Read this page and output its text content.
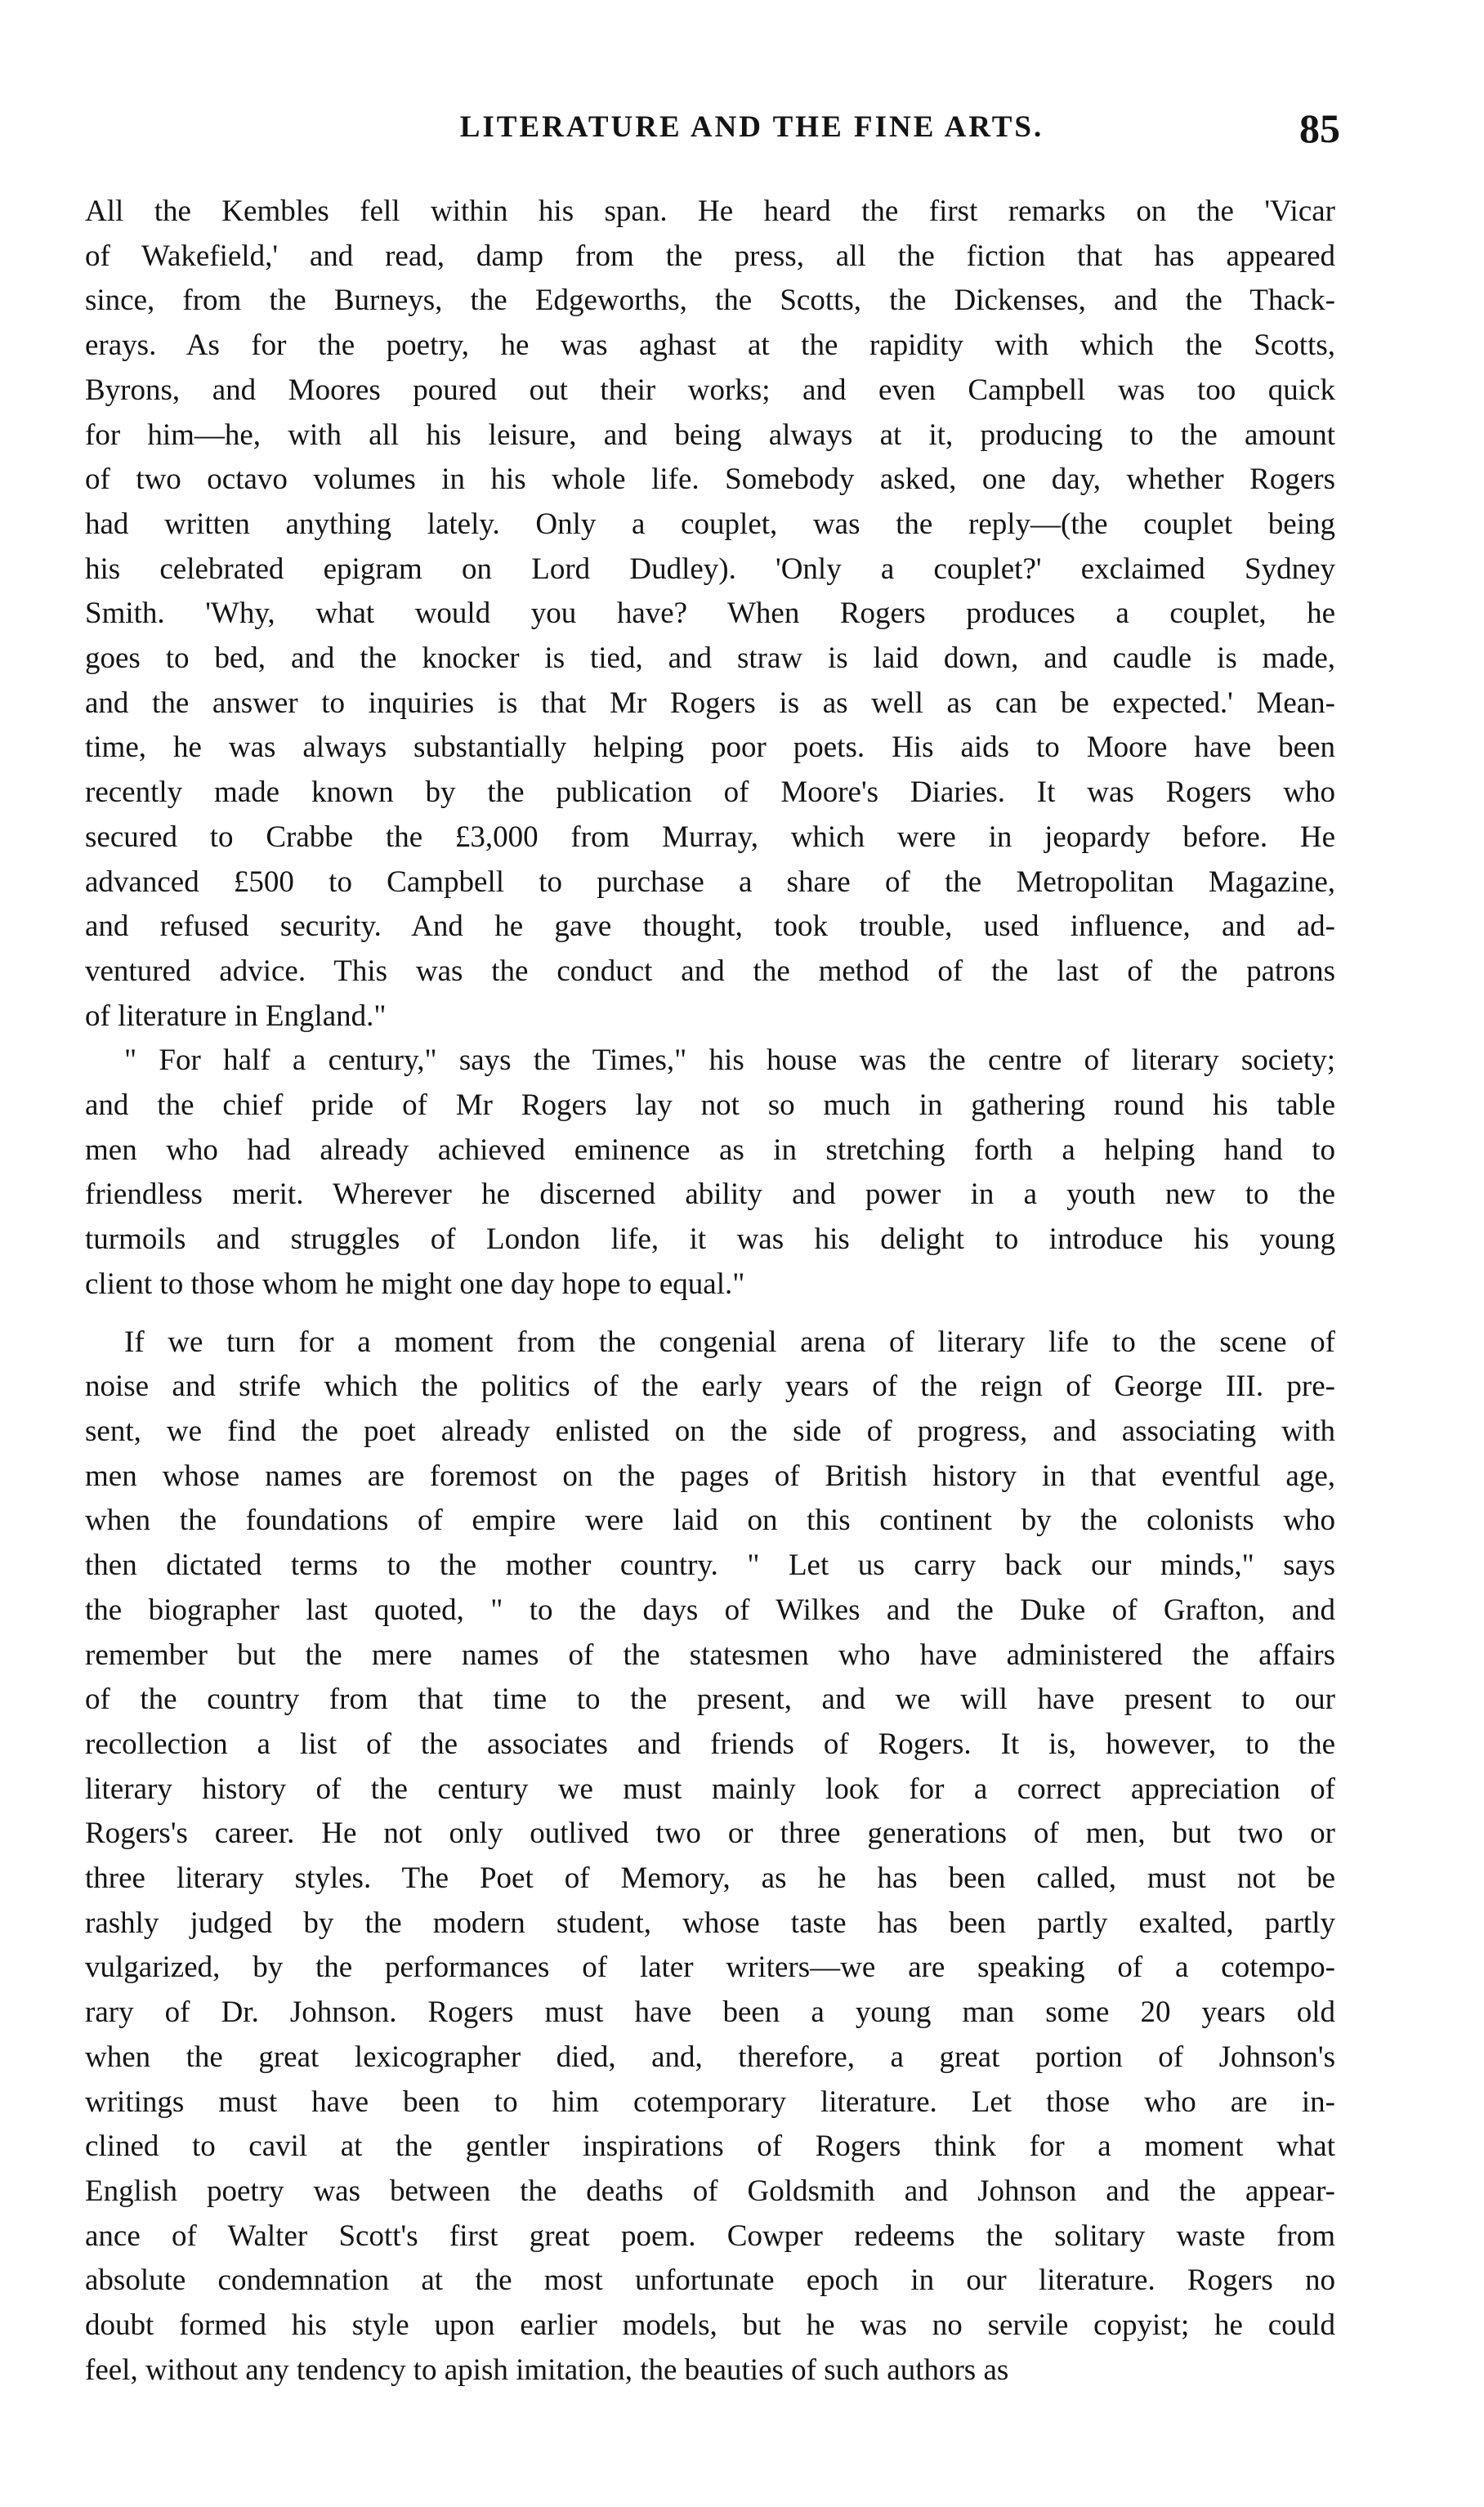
LITERATURE AND THE FINE ARTS.	85

All the Kembles fell within his span. He heard the first remarks on the 'Vicar
of Wakefield,' and read, damp from the press, all the fiction that has appeared
since, from the Burneys, the Edgeworths, the Scotts, the Dickenses, and the Thack-
erays. As for the poetry, he was aghast at the rapidity with which the Scotts,
Byrons, and Moores poured out their works; and even Campbell was too quick
for him—he, with all his leisure, and being always at it, producing to the amount
of two octavo volumes in his whole life. Somebody asked, one day, whether Rogers
had written anything lately. Only a couplet, was the reply—(the couplet being
his celebrated epigram on Lord Dudley). 'Only a couplet?' exclaimed Sydney
Smith. 'Why, what would you have? When Rogers produces a couplet, he
goes to bed, and the knocker is tied, and straw is laid down, and caudle is made,
and the answer to inquiries is that Mr Rogers is as well as can be expected.' Mean-
time, he was always substantially helping poor poets. His aids to Moore have been
recently made known by the publication of Moore's Diaries. It was Rogers who
secured to Crabbe the £3,000 from Murray, which were in jeopardy before. He
advanced £500 to Campbell to purchase a share of the Metropolitan Magazine,
and refused security. And he gave thought, took trouble, used influence, and ad-
ventured advice. This was the conduct and the method of the last of the patrons
of literature in England."

" For half a century," says the Times," his house was the centre of literary society;
and the chief pride of Mr Rogers lay not so much in gathering round his table
men who had already achieved eminence as in stretching forth a helping hand to
friendless merit. Wherever he discerned ability and power in a youth new to the
turmoils and struggles of London life, it was his delight to introduce his young
client to those whom he might one day hope to equal."

If we turn for a moment from the congenial arena of literary life to the scene of
noise and strife which the politics of the early years of the reign of George III. pre-
sent, we find the poet already enlisted on the side of progress, and associating with
men whose names are foremost on the pages of British history in that eventful age,
when the foundations of empire were laid on this continent by the colonists who
then dictated terms to the mother country. " Let us carry back our minds," says
the biographer last quoted, " to the days of Wilkes and the Duke of Grafton, and
remember but the mere names of the statesmen who have administered the affairs
of the country from that time to the present, and we will have present to our
recollection a list of the associates and friends of Rogers. It is, however, to the
literary history of the century we must mainly look for a correct appreciation of
Rogers's career. He not only outlived two or three generations of men, but two or
three literary styles. The Poet of Memory, as he has been called, must not be
rashly judged by the modern student, whose taste has been partly exalted, partly
vulgarized, by the performances of later writers—we are speaking of a cotempo-
rary of Dr. Johnson. Rogers must have been a young man some 20 years old
when the great lexicographer died, and, therefore, a great portion of Johnson's
writings must have been to him cotemporary literature. Let those who are in-
clined to cavil at the gentler inspirations of Rogers think for a moment what
English poetry was between the deaths of Goldsmith and Johnson and the appear-
ance of Walter Scott's first great poem. Cowper redeems the solitary waste from
absolute condemnation at the most unfortunate epoch in our literature. Rogers no
doubt formed his style upon earlier models, but he was no servile copyist; he could
feel, without any tendency to apish imitation, the beauties of such authors as
